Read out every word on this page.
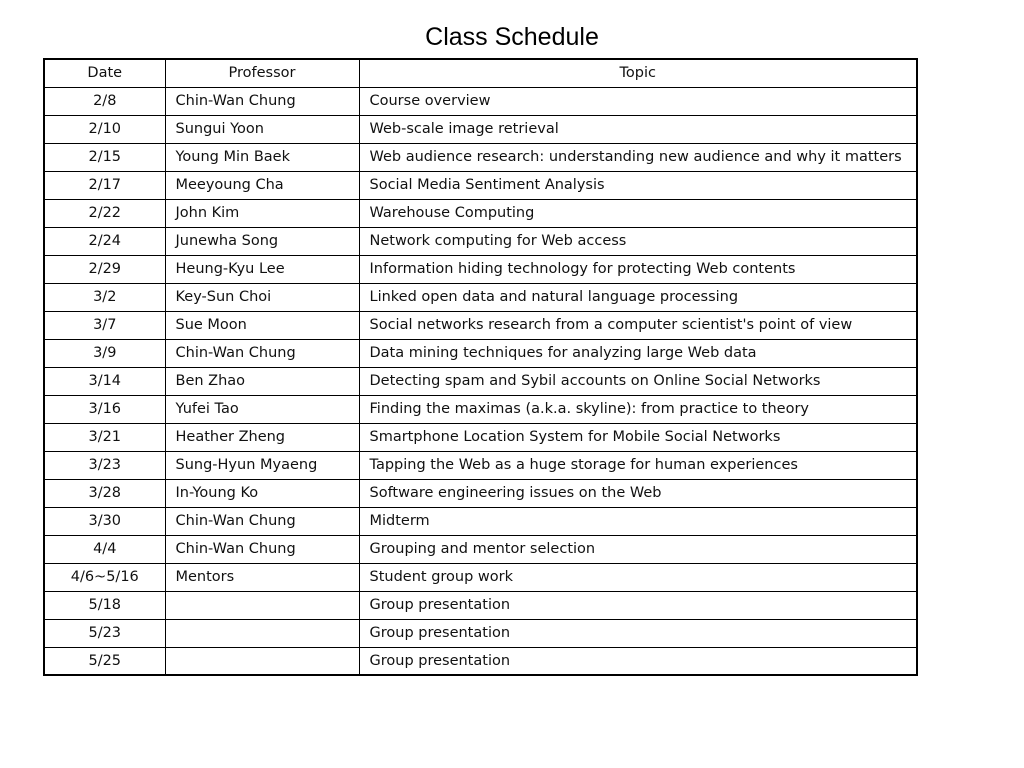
Class Schedule
Date	Professor	Topic
2/8	Chin-Wan Chung	Course overview
2/10	Sungui Yoon	Web-scale image retrieval
2/15	Young Min Baek	Web audience research: understanding new audience and why it matters
2/17	Meeyoung Cha	Social Media Sentiment Analysis
2/22	John Kim	Warehouse Computing
2/24	Junewha Song	Network computing for Web access
2/29	Heung-Kyu Lee	Information hiding technology for protecting Web contents
3/2	Key-Sun Choi	Linked open data and natural language processing
3/7	Sue Moon	Social networks research from a computer scientist's point of view
3/9	Chin-Wan Chung	Data mining techniques for analyzing large Web data
3/14	Ben Zhao	Detecting spam and Sybil accounts on Online Social Networks
3/16	Yufei Tao	Finding the maximas (a.k.a. skyline): from practice to theory
3/21	Heather Zheng	Smartphone Location System for Mobile Social Networks
3/23	Sung-Hyun Myaeng	Tapping the Web as a huge storage for human experiences
3/28	In-Young Ko	Software engineering issues on the Web
3/30	Chin-Wan Chung	Midterm
4/4	Chin-Wan Chung	Grouping and mentor selection
4/6~5/16	Mentors	Student group work
5/18		Group presentation
5/23		Group presentation
5/25		Group presentation
